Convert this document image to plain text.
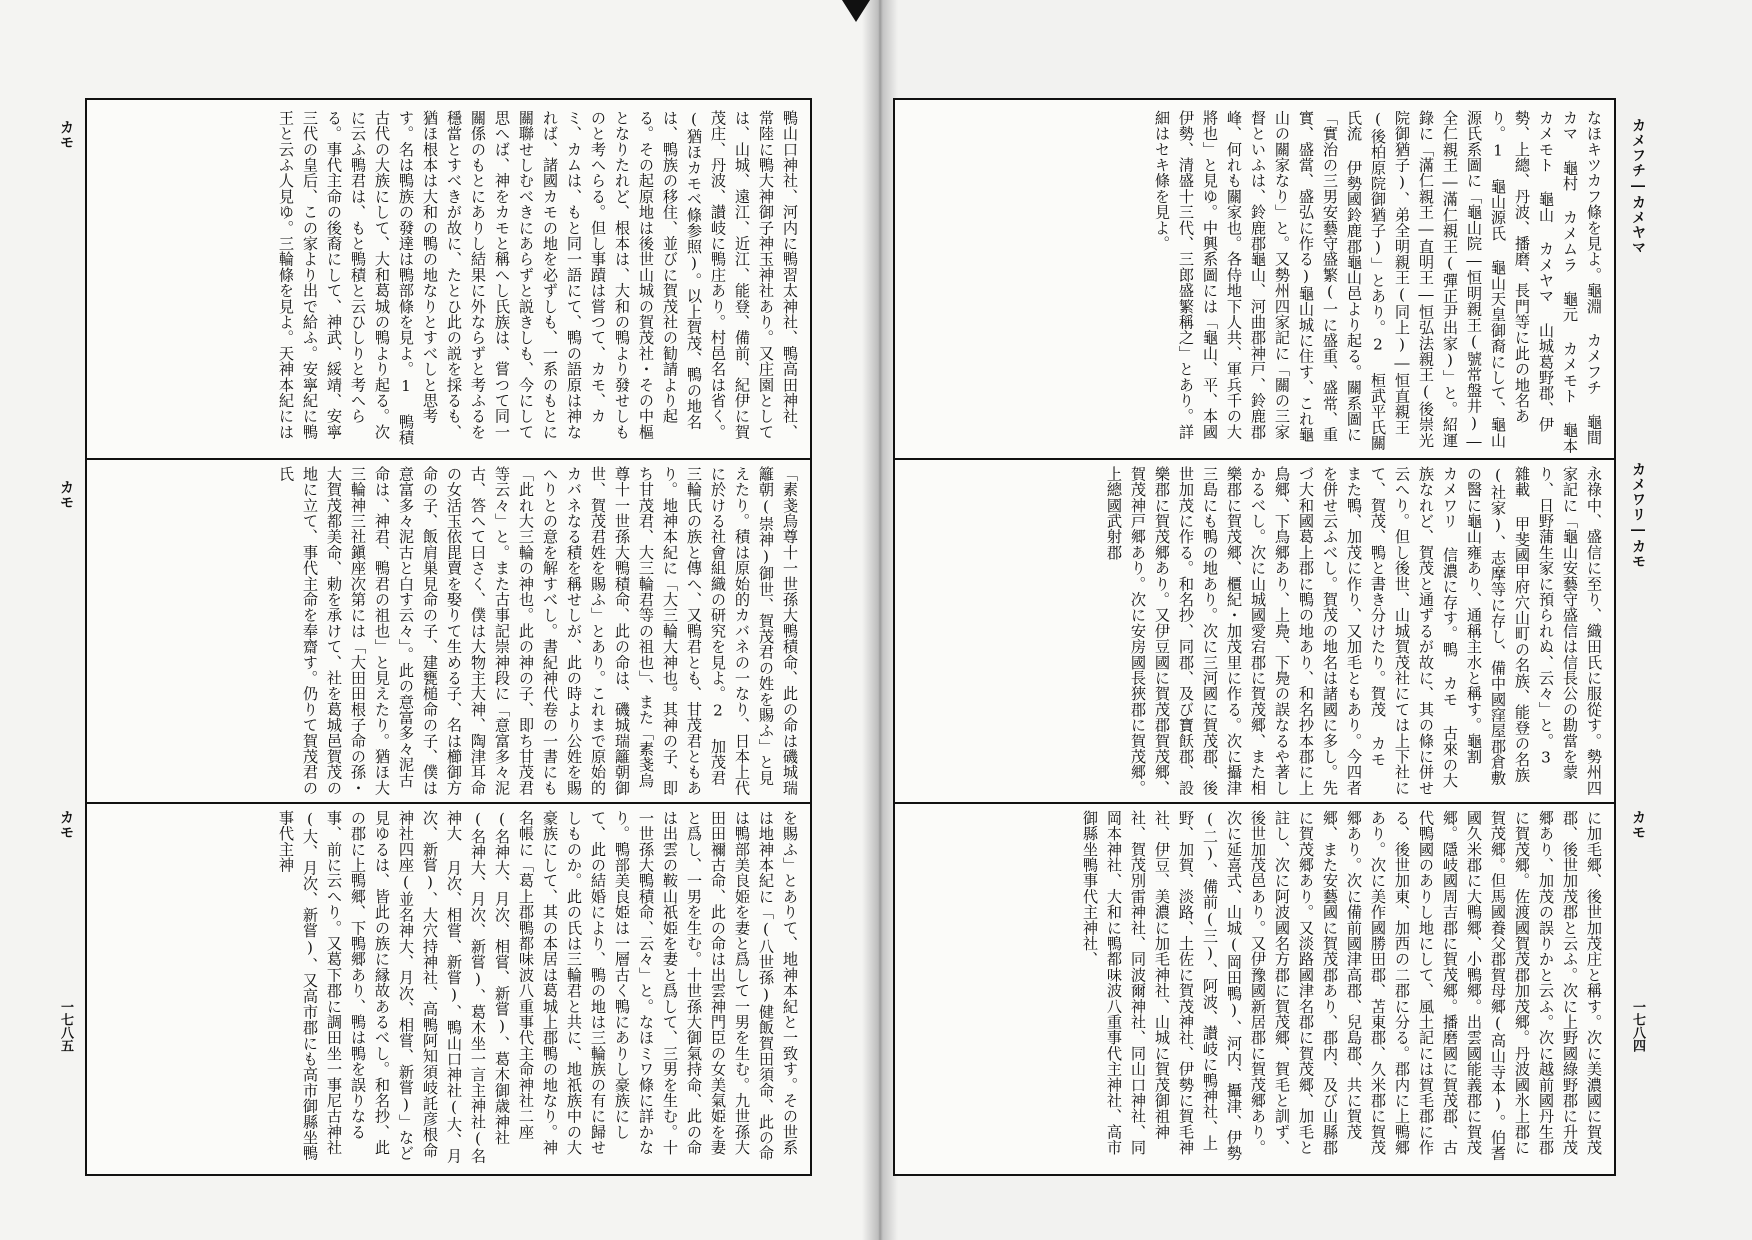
カモ
カモ
カモ
一七八五

鴨山口神社、河内に鴨習太神社、鴨高田神社、常陸に鴨大神御子神玉神社あり。又庄園としては、山城、遠江、近江、能登、備前、紀伊に賀茂庄、丹波、讃岐に鴨庄あり。村邑名は省く。(猶ほカモベ條参照)。以上賀茂、鴨の地名は、鴨族の移住、並びに賀茂社の勧請より起る。その起原地は後世山城の賀茂社・その中樞となりたれど、根本は、大和の鴨より發せしものと考へらる。但し事蹟は嘗つて、カモ、カミ、カムは、もと同一語にて、鴨の語原は神なれば、諸國カモの地を必ずしも、一系のもとに關聯せしむべきにあらずと説きしも、今にして思へば、神をカモと稱へし氏族は、嘗つて同一關係のもとにありし結果に外ならずと考ふるを穩當とすべきが故に、たとひ此の説を採るも、猶ほ根本は大和の鴨の地なりとすべしと思考す。名は鴨族の發達は鴨部條を見よ。1 鴨積 古代の大族にして、大和葛城の鴨より起る。次に云ふ鴨君は、もと鴨積と云ひしりと考へらる。事代主命の後裔にして、神武、綏靖、安寧三代の皇后、この家より出で給ふ。安寧紀に鴨王と云ふ人見ゆ。三輪條を見よ。天神本紀には

「素戔烏尊十一世孫大鴨積命、此の命は磯城瑞籬朝(崇神)御世、賀茂君の姓を賜ふ」と見えたり。積は原始的カバネの一なり、日本上代に於ける社會組織の研究を見よ。2 加茂君 三輪氏の族と傳へ、又鴨君とも、甘茂君ともあり。地神本紀に「大三輪大神也。其神の子、即ち甘茂君、大三輪君等の祖也」、また「素戔烏尊十一世孫大鴨積命、此の命は、磯城瑞籬朝御世、賀茂君姓を賜ふ」とあり。これまで原始的カバネなる積を稱せしが、此の時より公姓を賜へりとの意を解すべし。書紀神代卷の一書にも「此れ大三輪の神也。此の神の子、即ち甘茂君等云々」と。また古事記崇神段に「意富多々泥古、答へて曰さく、僕は大物主大神、陶津耳命の女活玉依毘賣を娶りて生める子、名は櫛御方命の子、飯肩巣見命の子、建甕槌命の子、僕は意富多々泥古と白す云々」。此の意富多々泥古命は、神君、鴨君の祖也」と見えたり。猶ほ大三輪神三社鎭座次第には「大田田根子命の孫・大賀茂都美命、勅を承けて、社を葛城邑賀茂の地に立て、事代主命を奉齋す。仍りて賀茂君の氏

を賜ふ」とありて、地神本紀と一致す。その世系は地神本紀に「(八世孫)健飯賀田須命、此の命は鴨部美良姫を妻と爲して一男を生む。九世孫大田田禰古命、此の命は出雲神門臣の女美氣姫を妻と爲し、一男を生む。十世孫大御氣持命、此の命は出雲の鞍山祇姫を妻と爲して、三男を生む。十一世孫大鴨積命、云々」と。なほミワ條に詳かなり。鴨部美良姫は一層古く鴨にありし豪族にして、此の結婚により、鴨の地は三輪族の有に歸せしものか。此の氏は三輪君と共に、地祇族中の大豪族にして、其の本居は葛城上郡鴨の地なり。神名帳に「葛上郡鴨都味波八重事代主命神社二座(名神大、月次、相嘗、新嘗)、葛木御歳神社(名神大、月次、新嘗)、葛木坐一言主神社(名神大 月次、相嘗、新嘗)、鴨山口神社(大、月次、新嘗)、大穴持神社、高鴨阿知須岐託彦根命神社四座(並名神大、月次、相嘗、新嘗)」など見ゆるは、皆此の族に縁故あるべし。和名抄、此の郡に上鴨郷、下鴨郷あり、鴨は鴨を誤りなる事、前に云へり。又葛下郡に調田坐一事尼古神社(大、月次、新嘗)、又高市郡にも高市御縣坐鴨事代主神

カメフチ―カメヤマ
カメワリ―カモ
カモ
一七八四

なほキツカフ條を見よ。龜淵 カメフチ 龜間 カマ 龜村 カメムラ 龜元 カメモト 龜本 カメモト 龜山 カメヤマ 山城葛野郡、伊勢、上總、丹波、播磨、長門等に此の地名あり。1 龜山源氏 龜山天皇御裔にして、龜山源氏系圖に「龜山院―恒明親王(號常盤井)―全仁親王―滿仁親王(彈正尹出家)」と。紹運錄に「滿仁親王―直明王―恒弘法親王(後崇光院御猶子)、弟全明親王(同上)―恒直親王(後柏原院御猶子)」とあり。2 桓武平氏關氏流 伊勢國鈴鹿郡龜山邑より起る。關系圖に「實治の三男安藝守盛繁(一に盛重、盛常、重實、盛當、盛弘に作る)龜山城に住す、これ龜山の關家なり」と。又勢州四家記に「關の三家督といふは、鈴鹿郡龜山、河曲郡神戸、鈴鹿郡峰、何れも關家也。各侍地下人共、軍兵千の大將也」と見ゆ。中興系圖には「龜山、平、本國伊勢、清盛十三代、三郎盛繁稱之」とあり。詳細はセキ條を見よ。

永祿中、盛信に至り、織田氏に服從す。勢州四家記に「龜山安藝守盛信は信長公の勘當を蒙り、日野蒲生家に預られぬ、云々」と。3 雜載 甲斐國甲府穴山町の名族、能登の名族(社家)、志摩等に存し、備中國窪屋郡倉敷の醫に龜山雍あり、通稱主水と稱す。龜割 カメワリ 信濃に存す。鴨 カモ 古來の大族なれど、賀茂と通ずるが故に、其の條に併せ云へり。但し後世、山城賀茂社にては上下社にて、賀茂、鴨と書き分けたり。賀茂 カモ また鴨、加茂に作り、又加毛ともあり。今四者を併せ云ふべし。賀茂の地名は諸國に多し。先づ大和國葛上郡に鴨の地あり、和名抄本郡に上鳥郷、下鳥郷あり、上鳧、下鳧の誤なるや著しかるべし。次に山城國愛宕郡に賀茂郷、また相樂郡に賀茂郷、櫃紀・加茂里に作る。次に攝津三島にも鴨の地あり。次に三河國に賀茂郡、後世加茂に作る。和名抄、同郡、及び寶飫郡、設樂郡に賀茂郷あり。又伊豆國に賀茂郡賀茂郷、賀茂神戸郷あり。次に安房國長狹郡に賀茂郷。上總國武射郡

に加毛郷、後世加茂庄と稱す。次に美濃國に賀茂郡、後世加茂郡と云ふ。次に上野國綠野郡に升茂郷あり、加茂の誤りかと云ふ。次に越前國丹生郡に賀茂郷。佐渡國賀茂郡加茂郷。丹波國氷上郡に賀茂郷。但馬國養父郡賀母郷(高山寺本)。伯耆國久米郡に大鴨郷、小鴨郷。出雲國能義郡に賀茂郷。隱岐國周吉郡に賀茂郷。播磨國に賀茂郡、古代鴨國のありし地にして、風土記には賀毛郡に作る、後世加東、加西の二郡に分る。郡内に上鴨郷あり。次に美作國勝田郡、苫東郡、久米郡に賀茂郷あり。次に備前國津高郡、兒島郡、共に賀茂郷、また安藝國に賀茂郡あり、郡内、及び山縣郡に賀茂郷あり。又淡路國津名郡に賀茂郷、加毛と註し、次に阿波國名方郡に賀茂郷、賀毛と訓ず、後世加茂邑あり。又伊豫國新居郡に賀茂郷あり。次に延喜式、山城(岡田鴨)、河内、攝津、伊勢(二)、備前(三)、阿波、讃岐に鴨神社、上野、加賀、淡路、土佐に賀茂神社、伊勢に賀毛神社、伊豆、美濃に加毛神社、山城に賀茂御祖神社、賀茂別雷神社、同波爾神社、同山口神社、同岡本神社、大和に鴨都味波八重事代主神社、高市御縣坐鴨事代主神社、
